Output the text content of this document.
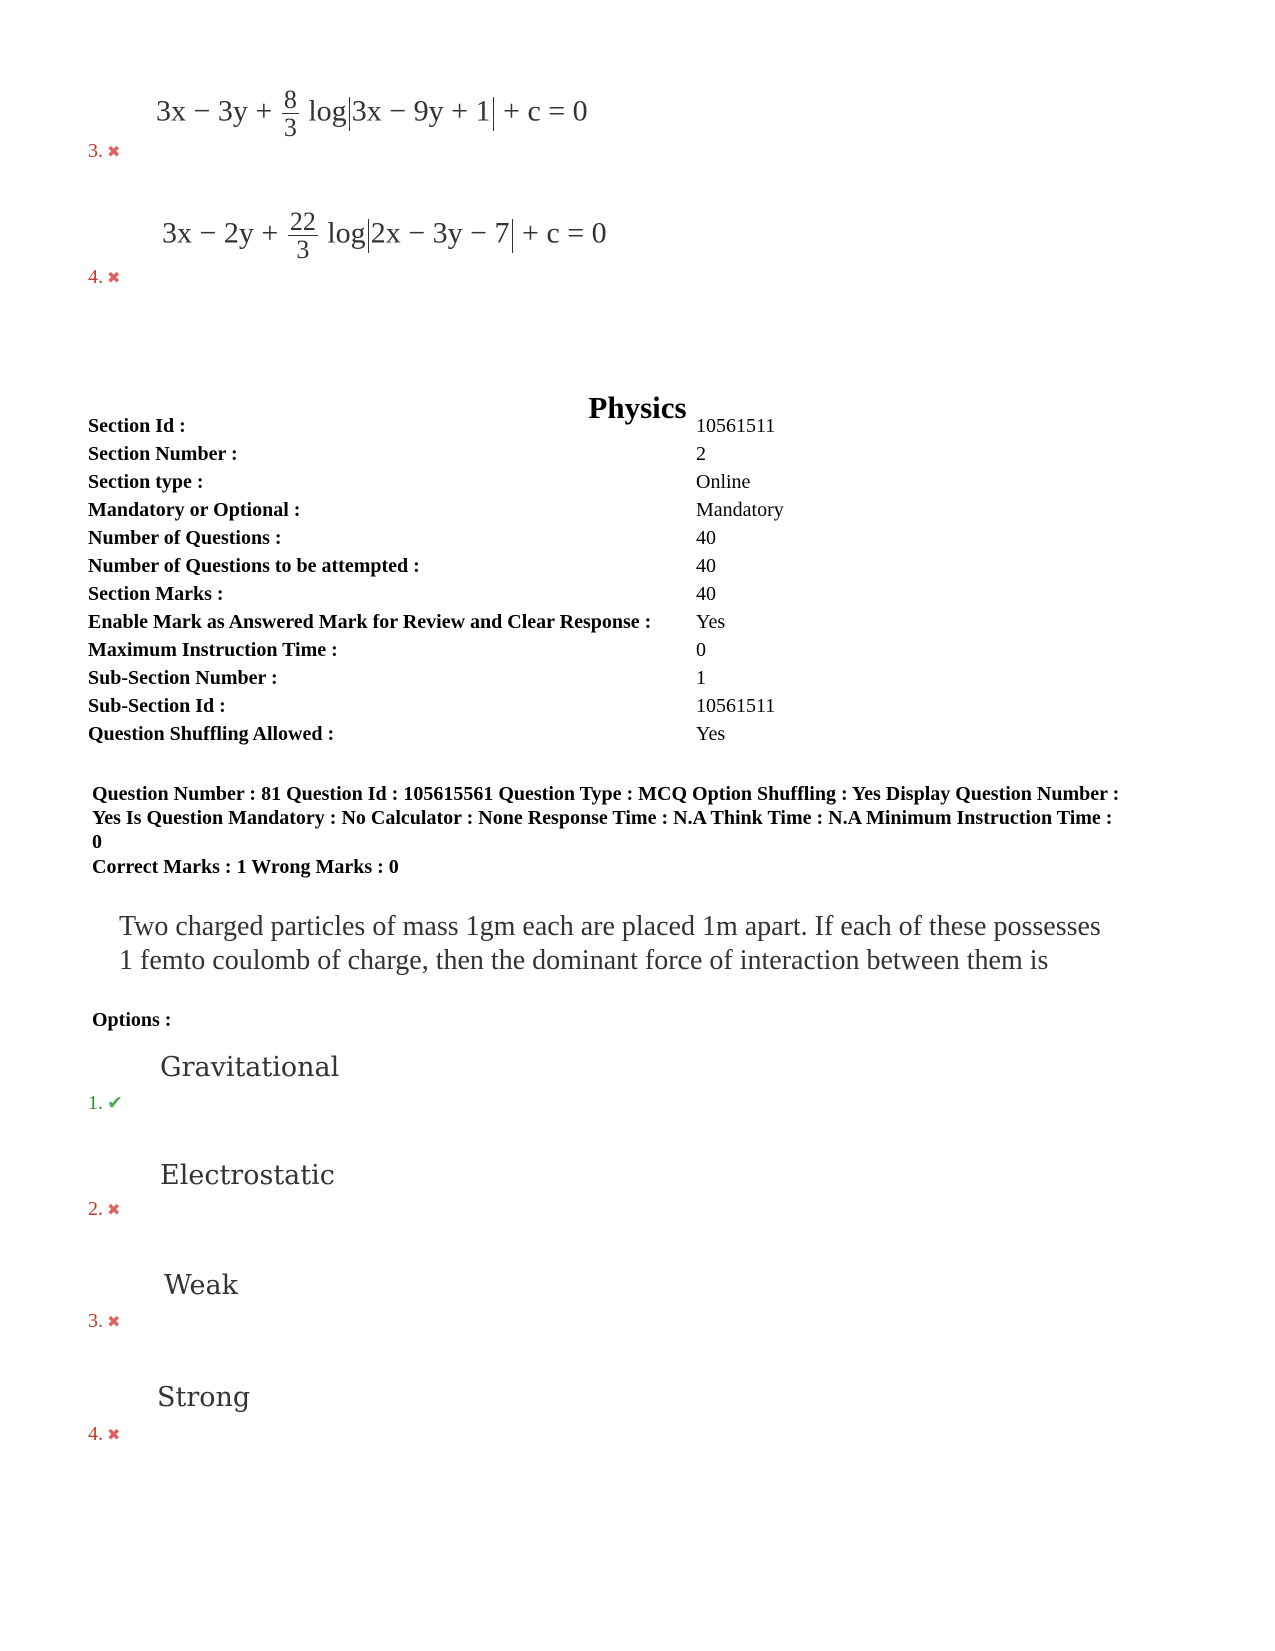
$3x - 3y + \frac{8}{3}$ log 3x − 9y + 1 + c = 0
3. ✖
$3x - 2y + \frac{22}{3}$ log 2x − 3y − 7 + c = 0
4. ✖
Physics
Section Id :	10561511
Section Number :	2
Section type :	Online
Mandatory or Optional :	Mandatory
Number of Questions :	40
Number of Questions to be attempted :	40
Section Marks :	40
Enable Mark as Answered Mark for Review and Clear Response : Yes
Maximum Instruction Time :	0
Sub-Section Number :	1
Sub-Section Id :	10561511
Question Shuffling Allowed :	Yes
Question Number : 81 Question Id : 105615561 Question Type : MCQ Option Shuffling : Yes Display Question Number :
Yes Is Question Mandatory : No Calculator : None Response Time : N.A Think Time : N.A Minimum Instruction Time :
0
Correct Marks : 1 Wrong Marks : 0
Two charged particles of mass 1gm each are placed 1m apart. If each of these possesses
1 femto coulomb of charge, then the dominant force of interaction between them is
Options :
Gravitational
1. ✔
Electrostatic
2. ✖
Weak
3. ✖
Strong
4. ✖
